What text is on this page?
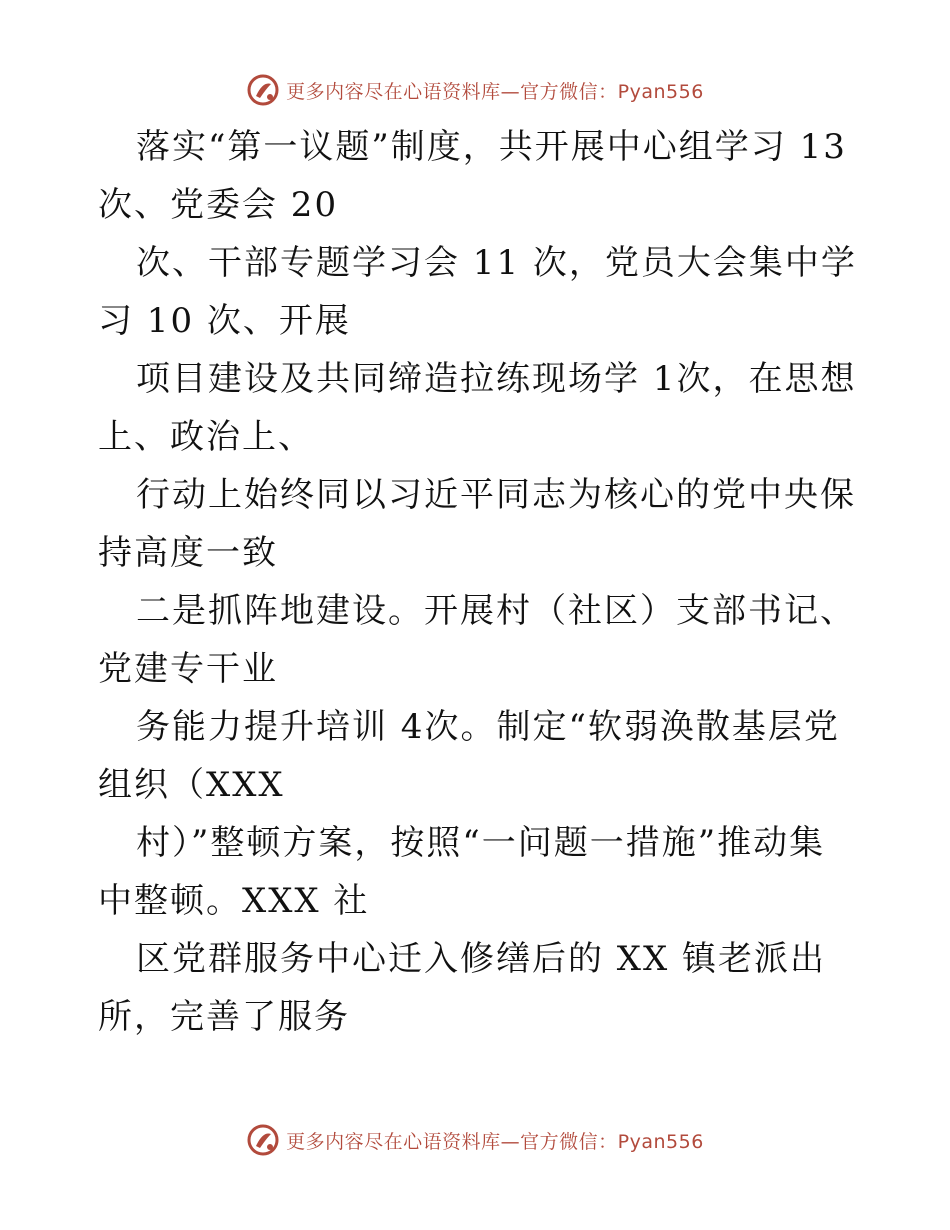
更多内容尽在心语资料库—官方微信：Pyan556

落实“第一议题”制度，共开展中心组学习 13 次、党委会 20

次、干部专题学习会 11 次，党员大会集中学习 10 次、开展

项目建设及共同缔造拉练现场学 1次，在思想上、政治上、

行动上始终同以习近平同志为核心的党中央保持高度一致

二是抓阵地建设。开展村（社区）支部书记、党建专干业

务能力提升培训 4次。制定“软弱涣散基层党组织（XXX

村）”整顿方案，按照“一问题一措施”推动集中整顿。XXX 社

区党群服务中心迁入修缮后的 XX 镇老派出所，完善了服务

更多内容尽在心语资料库—官方微信：Pyan556
